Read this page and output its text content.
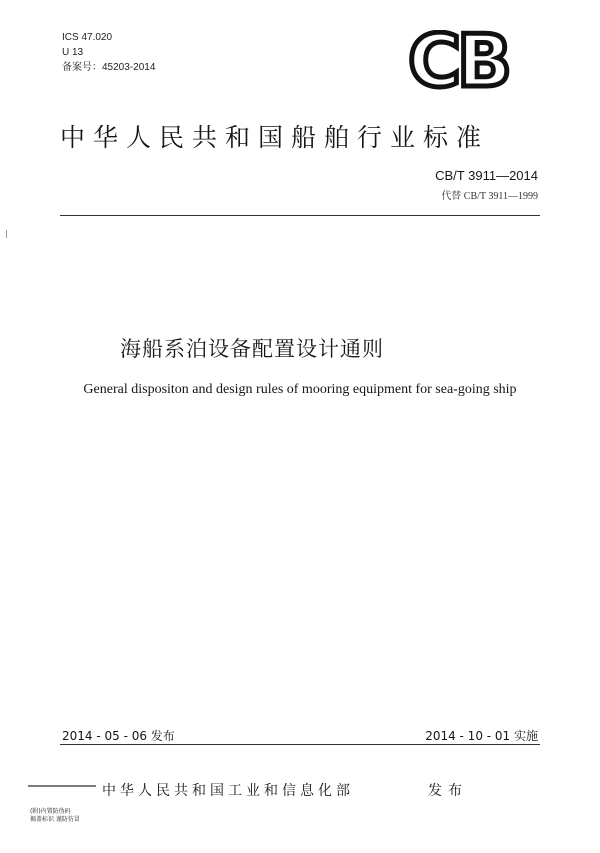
ICS 47.020
U 13
备案号：45203-2014	CB
中华人民共和国船舶行业标准
CB/T 3911—2014
代替 CB/T 3911—1999
海船系泊设备配置设计通则
General dispositon and design rules of mooring equipment for sea-going ship
2014 - 05 - 06 发布	2014 - 10 - 01 实施
中华人民共和国工业和信息化部	发布
(附)内置防伪码
揭盖标识 谨防仿冒
